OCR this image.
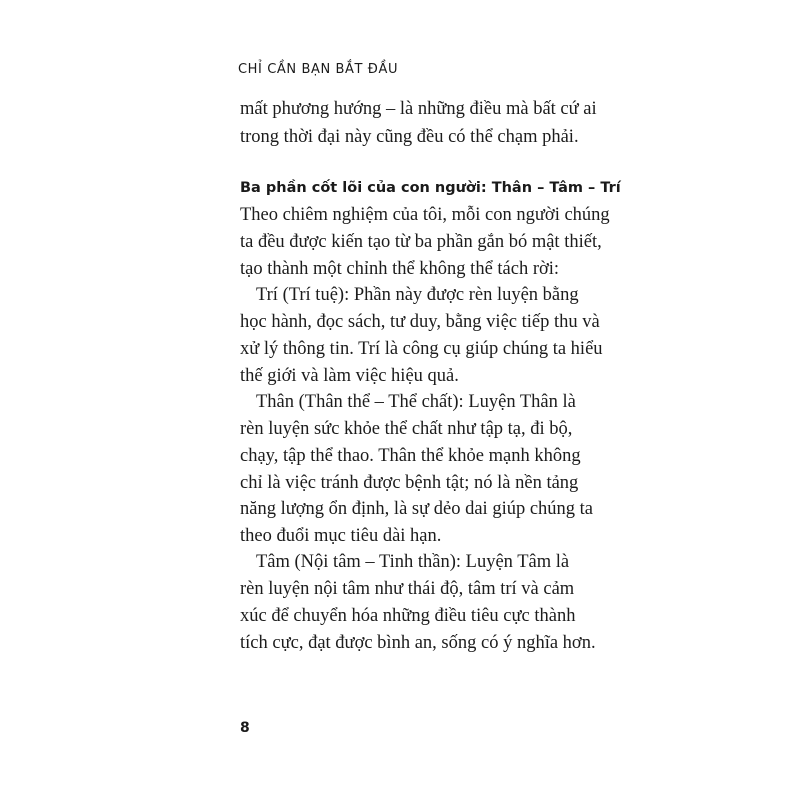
CHỈ CẦN BẠN BẮT ĐẦU
mất phương hướng – là những điều mà bất cứ ai
trong thời đại này cũng đều có thể chạm phải.
Ba phần cốt lõi của con người: Thân – Tâm – Trí
Theo chiêm nghiệm của tôi, mỗi con người chúng
ta đều được kiến tạo từ ba phần gắn bó mật thiết,
tạo thành một chỉnh thể không thể tách rời:
Trí (Trí tuệ): Phần này được rèn luyện bằng
học hành, đọc sách, tư duy, bằng việc tiếp thu và
xử lý thông tin. Trí là công cụ giúp chúng ta hiểu
thế giới và làm việc hiệu quả.
Thân (Thân thể – Thể chất): Luyện Thân là
rèn luyện sức khỏe thể chất như tập tạ, đi bộ,
chạy, tập thể thao. Thân thể khỏe mạnh không
chỉ là việc tránh được bệnh tật; nó là nền tảng
năng lượng ổn định, là sự dẻo dai giúp chúng ta
theo đuổi mục tiêu dài hạn.
Tâm (Nội tâm – Tinh thần): Luyện Tâm là
rèn luyện nội tâm như thái độ, tâm trí và cảm
xúc để chuyển hóa những điều tiêu cực thành
tích cực, đạt được bình an, sống có ý nghĩa hơn.
8
